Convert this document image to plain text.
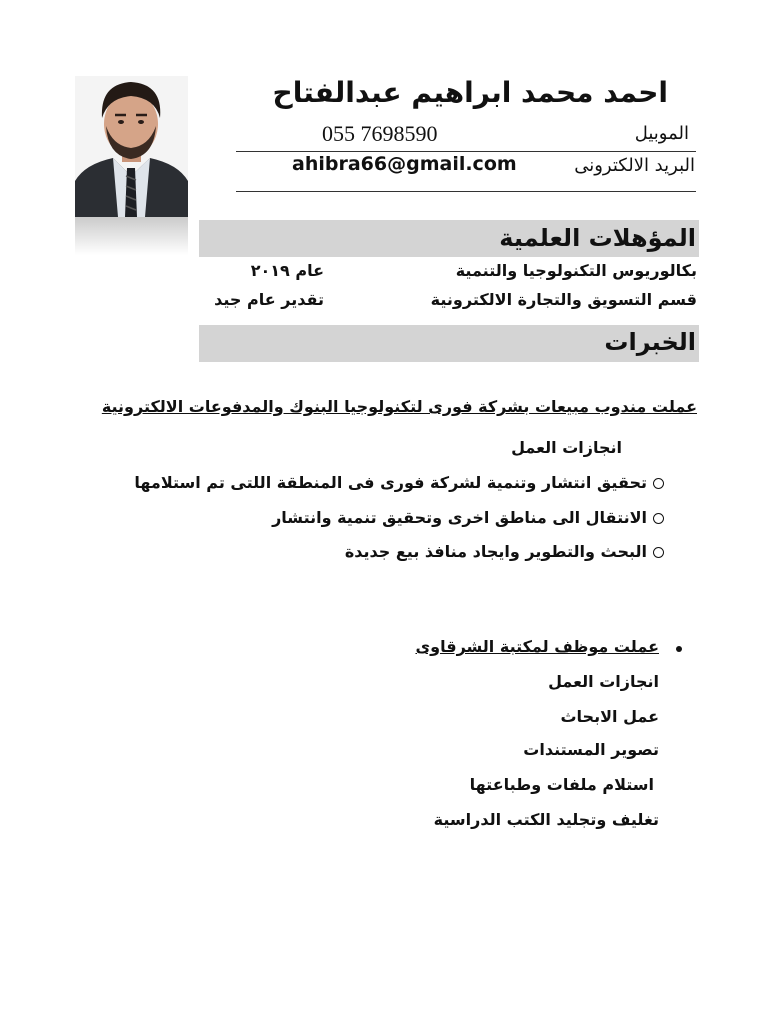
احمد محمد ابراهيم عبدالفتاح
الموبيل
055 7698590
البريد الالكترونى
ahibra66@gmail.com
المؤهلات العلمية
بكالوريوس التكنولوجيا والتنمية
عام ٢٠١٩
قسم التسويق والتجارة الالكترونية
تقدير عام جيد
الخبرات
عملت مندوب مبيعات بشركة فورى لتكنولوجيا البنوك والمدفوعات الالكترونية
انجازات العمل
تحقيق انتشار وتنمية لشركة فورى فى المنطقة اللتى تم استلامها
الانتقال الى مناطق اخرى وتحقيق تنمية وانتشار
البحث والتطوير وايجاد منافذ بيع جديدة
عملت موظف لمكتبة الشرقاوى
انجازات العمل
عمل الابحاث
تصوير المستندات
استلام ملفات وطباعتها
تغليف وتجليد الكتب الدراسية
